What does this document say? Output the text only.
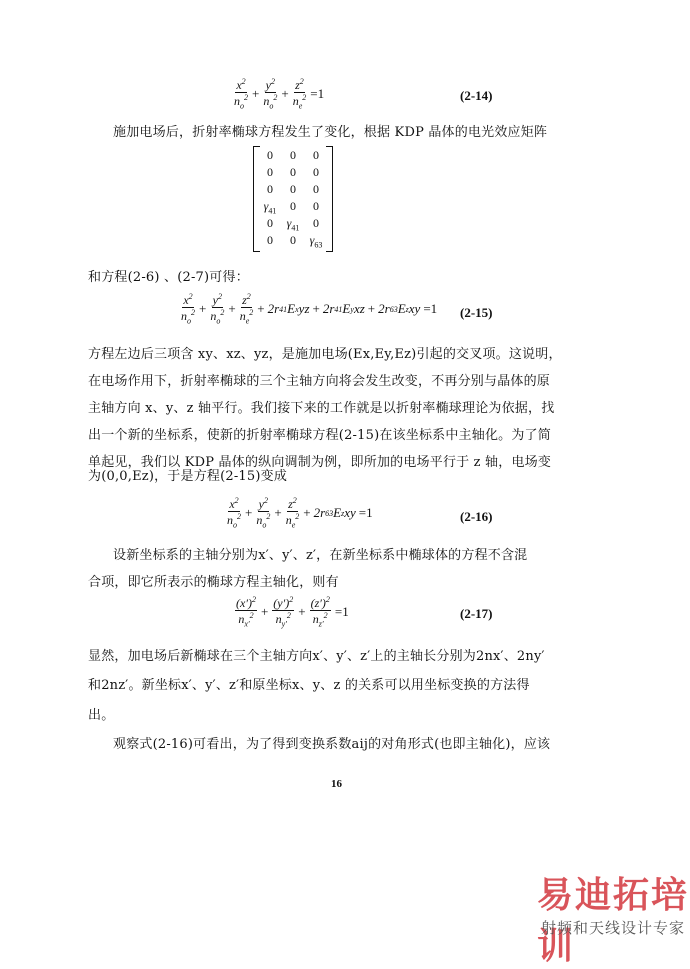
$\frac{x^2}{n_o^2} + \frac{y^2}{n_o^2} + \frac{z^2}{n_e^2} =1$	(2-14)
施加电场后，折射率椭球方程发生了变化，根据 KDP 晶体的电光效应矩阵
0	0	0
0	0	0
0	0	0
$\gamma_{41}$	0	0
0	$\gamma_{41}$	0
0	0	$\gamma_{63}$
和方程(2-6) 、(2-7)可得：
$\frac{x^2}{n_o^2} + \frac{y^2}{n_o^2} + \frac{z^2}{n_e^2} + 2r$ 41 E x yz + 2r 41 E y xz + 2r 63 E z xy =1 (2-15)
方程左边后三项含 xy、xz、yz，是施加电场(Ex,Ey,Ez)引起的交叉项。这说明，
在电场作用下，折射率椭球的三个主轴方向将会发生改变，不再分别与晶体的原
主轴方向 x、y、z 轴平行。我们接下来的工作就是以折射率椭球理论为依据，找
出一个新的坐标系，使新的折射率椭球方程(2-15)在该坐标系中主轴化。为了简
单起见，我们以 KDP 晶体的纵向调制为例，即所加的电场平行于 z 轴，电场变
为(0,0,Ez)，于是方程(2-15)变成
$\frac{x^2}{n_o^2} + \frac{y^2}{n_o^2} + \frac{z^2}{n_e^2} + 2r$ 63 E z xy =1	(2-16)
设新坐标系的主轴分别为x′、y′、z′，在新坐标系中椭球体的方程不含混
合项，即它所表示的椭球方程主轴化，则有
$\frac{(x')^2}{n_{x'}^2} + \frac{(y')^2}{n_{y'}^2} + \frac{(z')^2}{n_{z'}^2} =1$	(2-17)
显然，加电场后新椭球在三个主轴方向x′、y′、z′上的主轴长分别为2nx′、2ny′
和2nz′。新坐标x′、y′、z′和原坐标x、y、z 的关系可以用坐标变换的方法得
出。
观察式(2-16)可看出，为了得到变换系数aij的对角形式(也即主轴化)，应该
16
易迪拓培训
射频和天线设计专家
